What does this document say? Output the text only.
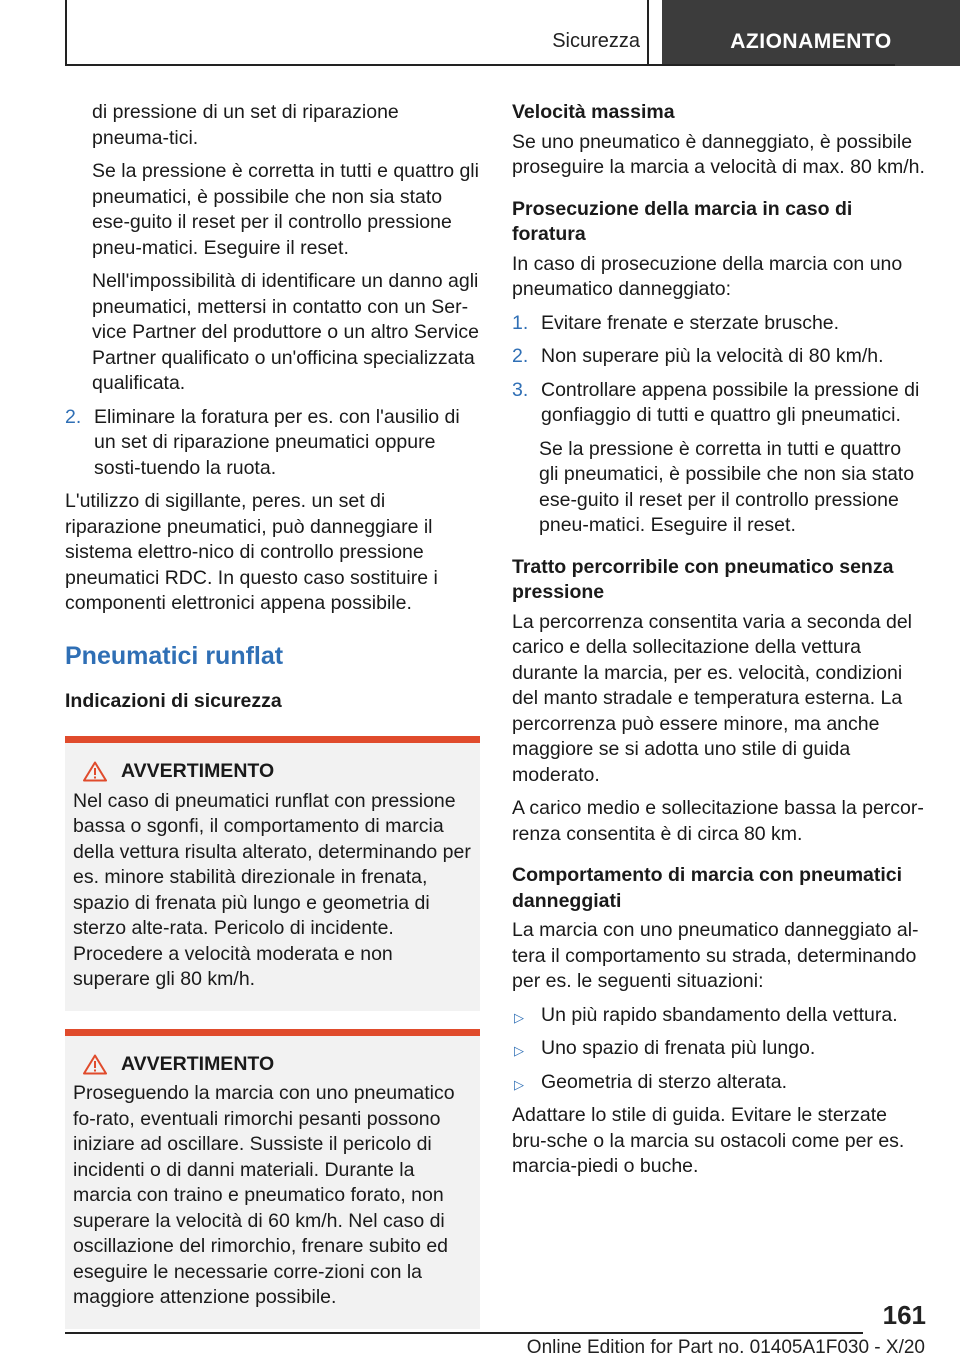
Sicurezza	AZIONAMENTO

di pressione di un set di riparazione pneuma-tici.

Se la pressione è corretta in tutti e quattro gli pneumatici, è possibile che non sia stato ese-guito il reset per il controllo pressione pneu-matici. Eseguire il reset.

Nell'impossibilità di identificare un danno agli pneumatici, mettersi in contatto con un Ser-vice Partner del produttore o un altro Service Partner qualificato o un'officina specializzata qualificata.

2. Eliminare la foratura per es. con l'ausilio di un set di riparazione pneumatici oppure sosti-tuendo la ruota.

L'utilizzo di sigillante, peres. un set di riparazione pneumatici, può danneggiare il sistema elettro-nico di controllo pressione pneumatici RDC. In questo caso sostituire i componenti elettronici appena possibile.

Pneumatici runflat
Indicazioni di sicurezza
AVVERTIMENTO
Nel caso di pneumatici runflat con pressione bassa o sgonfi, il comportamento di marcia della vettura risulta alterato, determinando per es. minore stabilità direzionale in frenata, spazio di frenata più lungo e geometria di sterzo alte-rata. Pericolo di incidente. Procedere a velocità moderata e non superare gli 80 km/h.
AVVERTIMENTO
Proseguendo la marcia con uno pneumatico fo-rato, eventuali rimorchi pesanti possono iniziare ad oscillare. Sussiste il pericolo di incidenti o di danni materiali. Durante la marcia con traino e pneumatico forato, non superare la velocità di 60 km/h. Nel caso di oscillazione del rimorchio, frenare subito ed eseguire le necessarie corre-zioni con la maggiore attenzione possibile.
Velocità massima

Se uno pneumatico è danneggiato, è possibile proseguire la marcia a velocità di max. 80 km/h.

Prosecuzione della marcia in caso di foratura

In caso di prosecuzione della marcia con uno pneumatico danneggiato:

1. Evitare frenate e sterzate brusche.
2. Non superare più la velocità di 80 km/h.
3. Controllare appena possibile la pressione di gonfiaggio di tutti e quattro gli pneumatici.

Se la pressione è corretta in tutti e quattro gli pneumatici, è possibile che non sia stato ese-guito il reset per il controllo pressione pneu-matici. Eseguire il reset.

Tratto percorribile con pneumatico senza pressione

La percorrenza consentita varia a seconda del carico e della sollecitazione della vettura durante la marcia, per es. velocità, condizioni del manto stradale e temperatura esterna. La percorrenza può essere minore, ma anche maggiore se si adotta uno stile di guida moderato.

A carico medio e sollecitazione bassa la percor-renza consentita è di circa 80 km.

Comportamento di marcia con pneumatici danneggiati

La marcia con uno pneumatico danneggiato al-tera il comportamento su strada, determinando per es. le seguenti situazioni:

▷ Un più rapido sbandamento della vettura.
▷ Uno spazio di frenata più lungo.
▷ Geometria di sterzo alterata.

Adattare lo stile di guida. Evitare le sterzate bru-sche o la marcia su ostacoli come per es. marcia-piedi o buche.

161
Online Edition for Part no. 01405A1F030 - X/20
